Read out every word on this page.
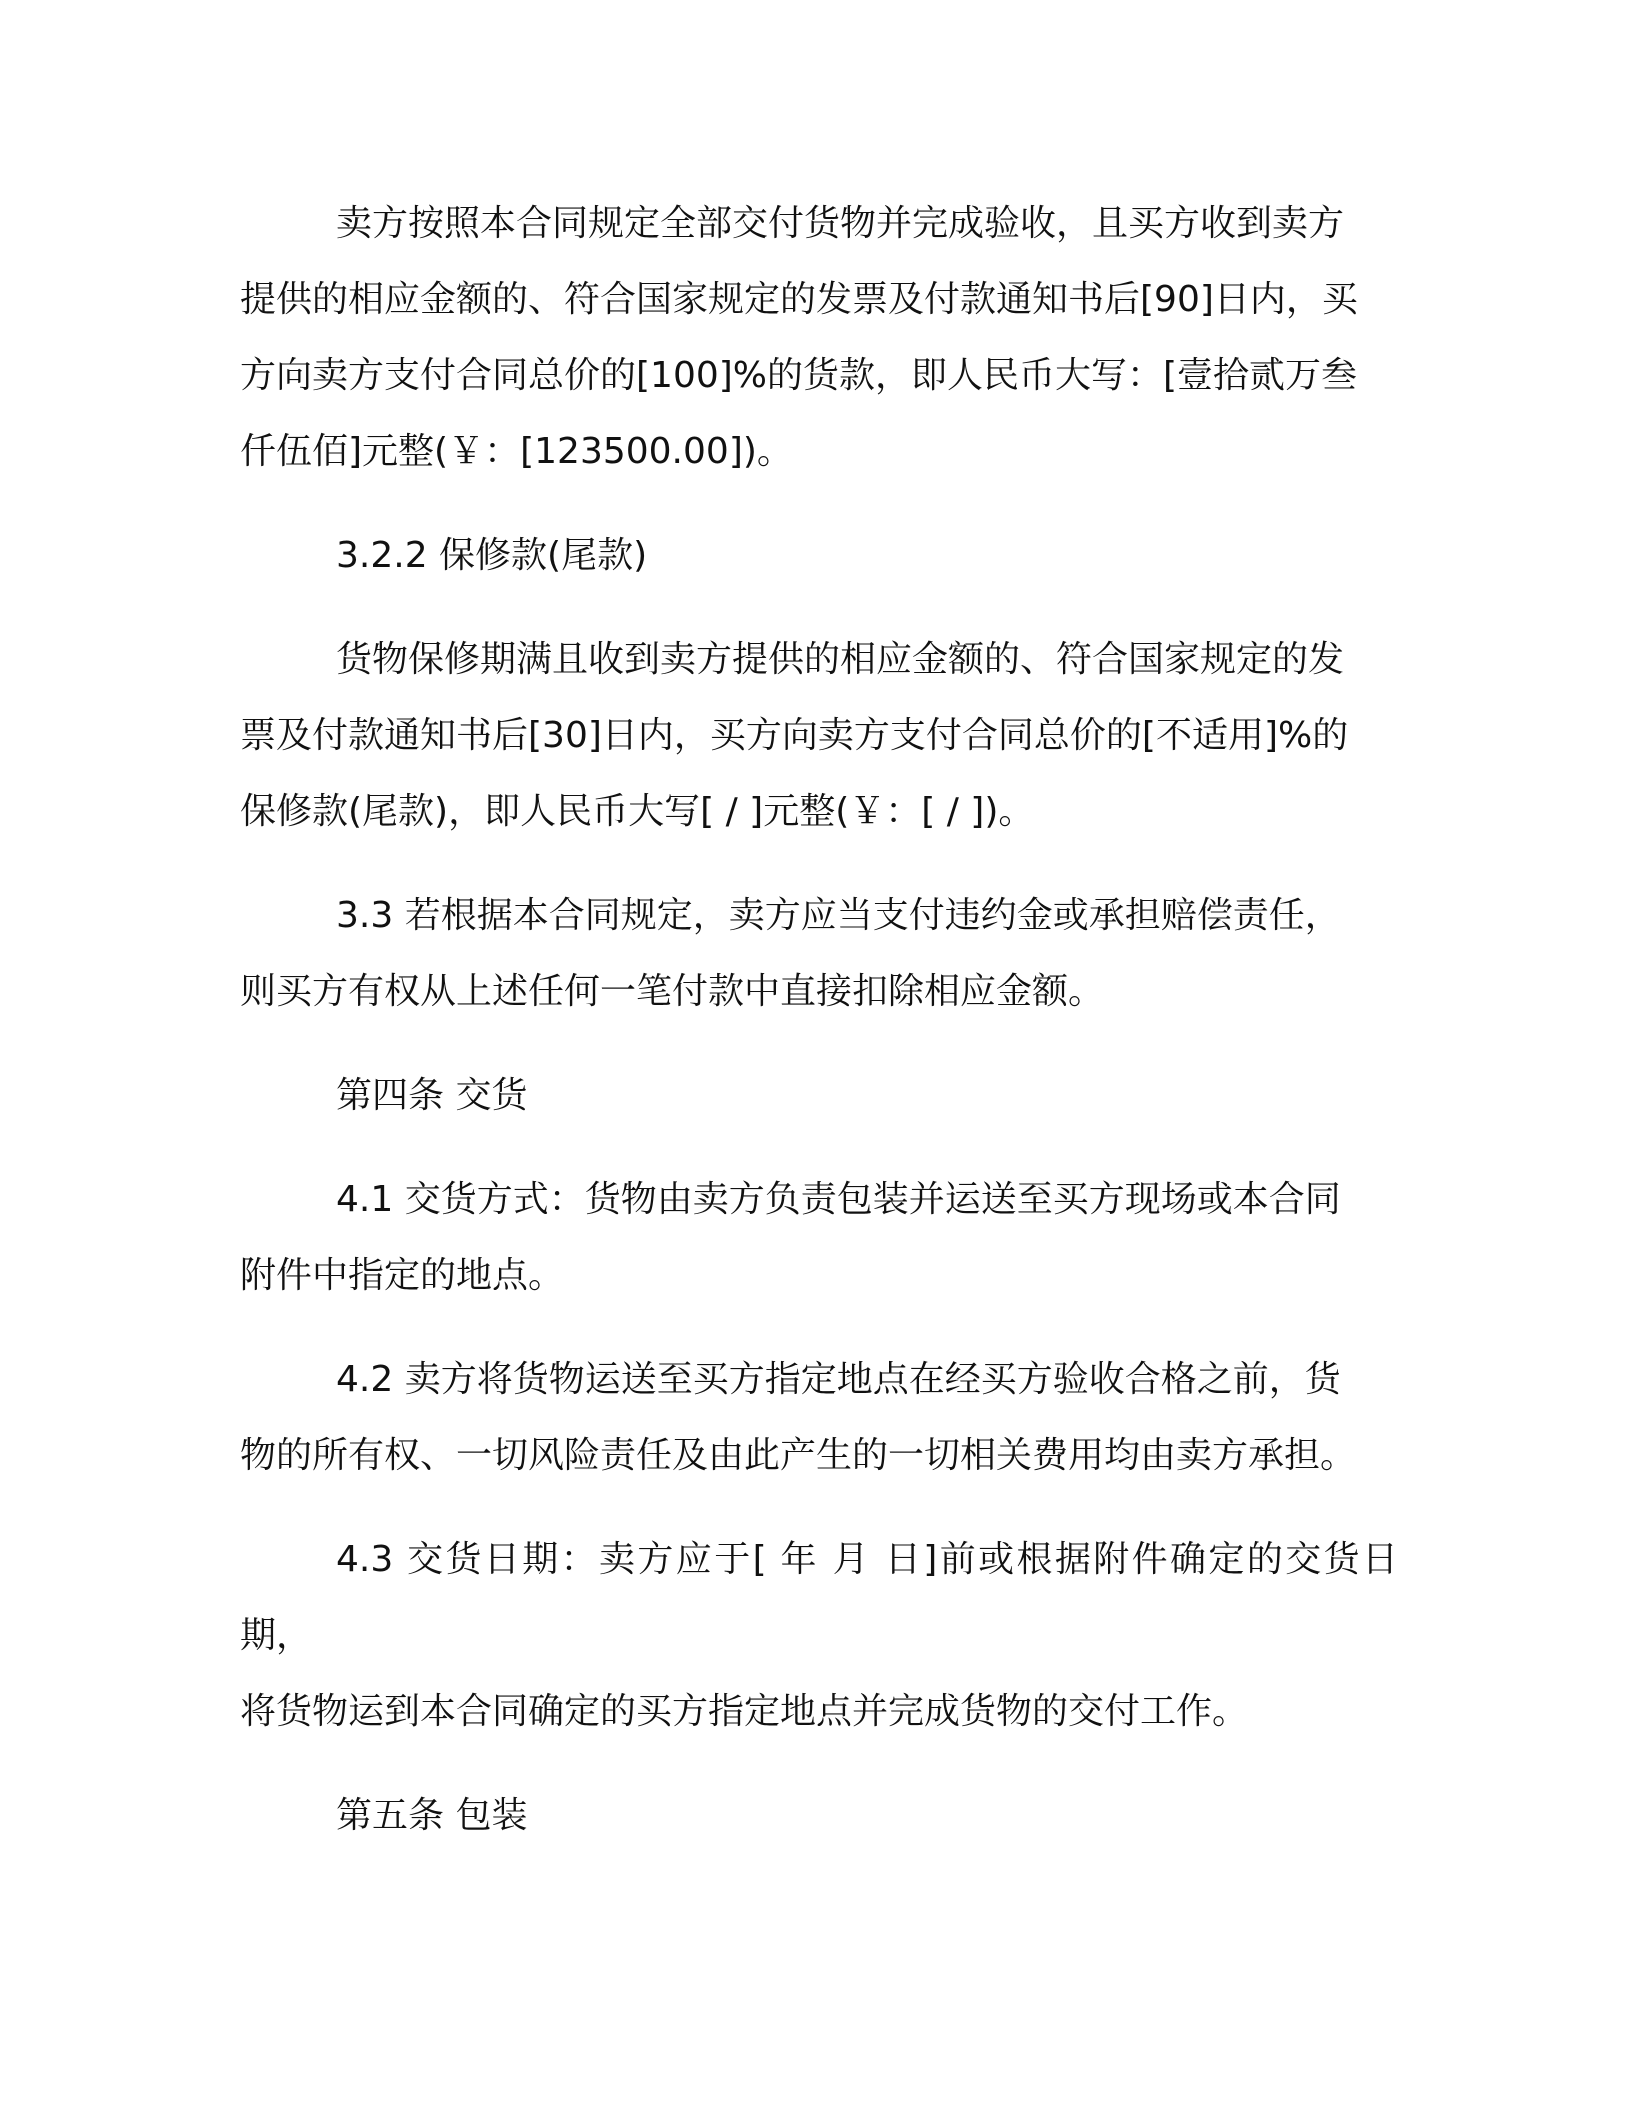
卖方按照本合同规定全部交付货物并完成验收，且买方收到卖方
提供的相应金额的、符合国家规定的发票及付款通知书后[90]日内，买
方向卖方支付合同总价的[100]%的货款，即人民币大写：[壹拾贰万叁
仟伍佰]元整(￥：[123500.00])。

3.2.2 保修款(尾款)

货物保修期满且收到卖方提供的相应金额的、符合国家规定的发
票及付款通知书后[30]日内，买方向卖方支付合同总价的[不适用]%的
保修款(尾款)，即人民币大写[ / ]元整(￥：[ / ])。

3.3 若根据本合同规定，卖方应当支付违约金或承担赔偿责任，
则买方有权从上述任何一笔付款中直接扣除相应金额。

第四条 交货

4.1 交货方式：货物由卖方负责包装并运送至买方现场或本合同
附件中指定的地点。

4.2 卖方将货物运送至买方指定地点在经买方验收合格之前，货
物的所有权、一切风险责任及由此产生的一切相关费用均由卖方承担。

4.3 交货日期：卖方应于[ 年 月 日]前或根据附件确定的交货日期，
将货物运到本合同确定的买方指定地点并完成货物的交付工作。

第五条 包装
